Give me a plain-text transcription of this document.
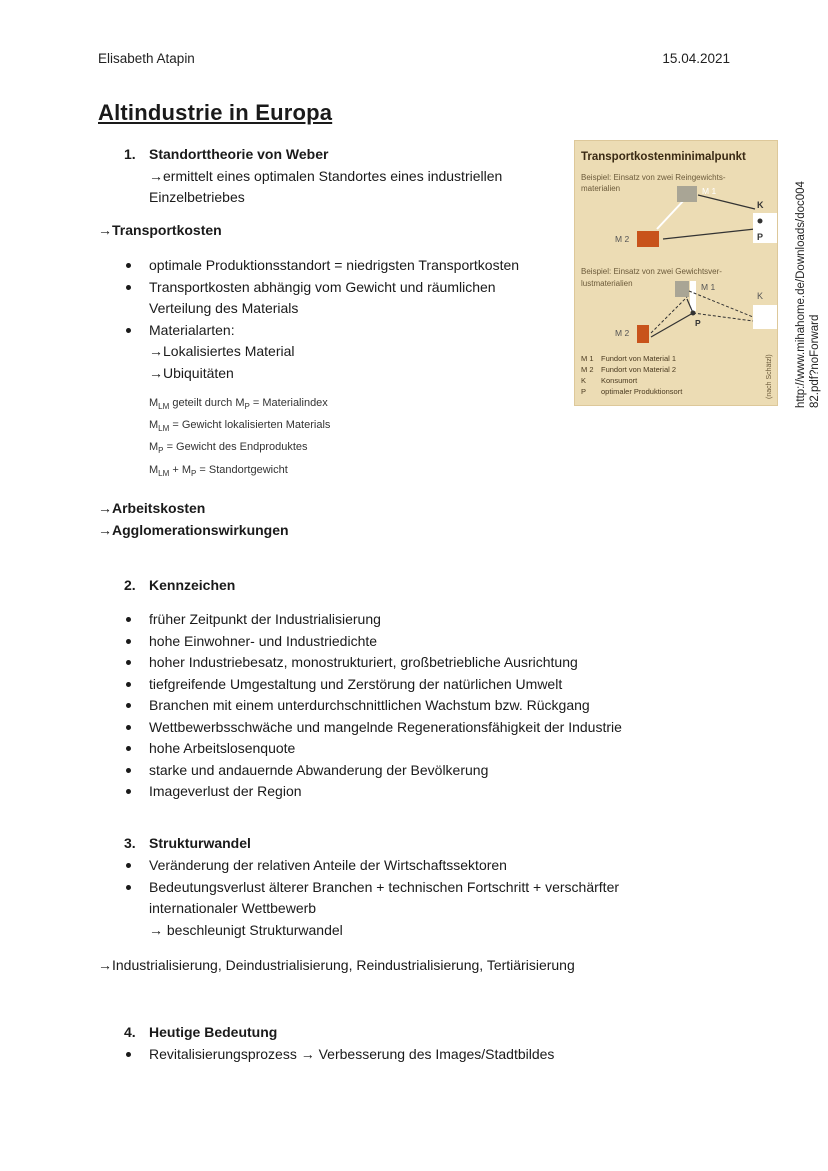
Elisabeth Atapin	15.04.2021
Altindustrie in Europa
1. Standorttheorie von Weber
→ermittelt eines optimalen Standortes eines industriellen
Einzelbetriebes
→Transportkosten
optimale Produktionsstandort = niedrigsten Transportkosten
Transportkosten abhängig vom Gewicht und räumlichen
Verteilung des Materials
Materialarten:
→Lokalisiertes Material
→Ubiquitäten
$M_{LM}$ geteilt durch $M_P$ = Materialindex
$M_{LM}$ = Gewicht lokalisierten Materials
$M_P$ = Gewicht des Endproduktes
$M_{LM} + M_P$ = Standortgewicht
→Arbeitskosten
→Agglomerationswirkungen
2. Kennzeichen
früher Zeitpunkt der Industrialisierung
hohe Einwohner- und Industriedichte
hoher Industriebesatz, monostrukturiert, großbetriebliche Ausrichtung
tiefgreifende Umgestaltung und Zerstörung der natürlichen Umwelt
Branchen mit einem unterdurchschnittlichen Wachstum bzw. Rückgang
Wettbewerbsschwäche und mangelnde Regenerationsfähigkeit der Industrie
hohe Arbeitslosenquote
starke und andauernde Abwanderung der Bevölkerung
Imageverlust der Region
3. Strukturwandel
Veränderung der relativen Anteile der Wirtschaftssektoren
Bedeutungsverlust älterer Branchen + technischen Fortschritt + verschärfter
internationaler Wettbewerb
→ beschleunigt Strukturwandel
→Industrialisierung, Deindustrialisierung, Reindustrialisierung, Tertiärisierung
4. Heutige Bedeutung
Revitalisierungsprozess → Verbesserung des Images/Stadtbildes
Transportkostenminimalpunkt
Beispiel: Einsatz von zwei Reingewichts-
materialien	M 1
M 2
K
P
Beispiel: Einsatz von zwei Gewichtsver-
lustmaterialien	M 1
K
M 2
P
M 1 Fundort von Material 1
M 2 Fundort von Material 2
K Konsumort
P optimaler Produktionsort	(nach Schätzl) http://www.mihahome.de/Downloads/doc004 82.pdf?noForward
